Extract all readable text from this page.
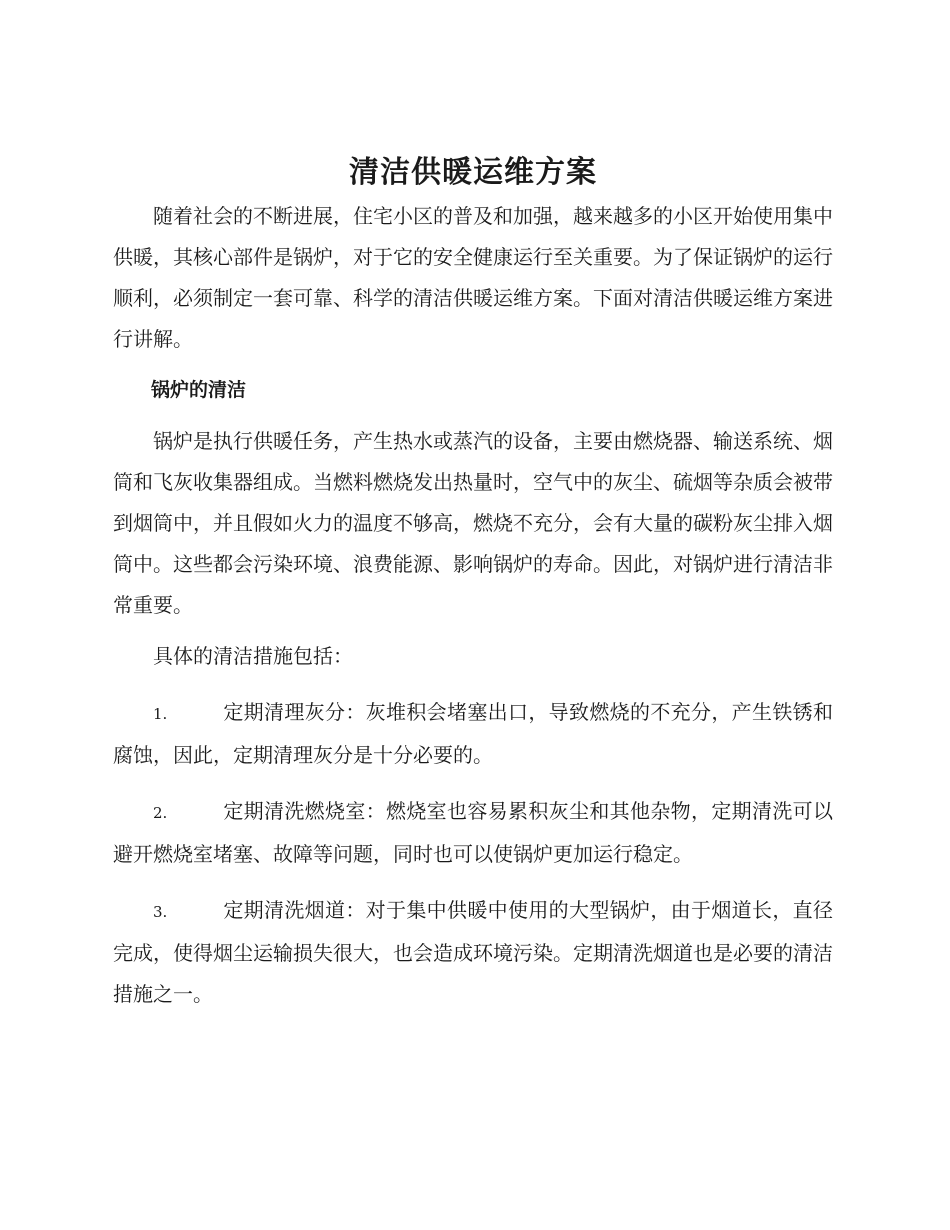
清洁供暖运维方案

随着社会的不断进展，住宅小区的普及和加强，越来越多的小区开始使用集中供暖，其核心部件是锅炉，对于它的安全健康运行至关重要。为了保证锅炉的运行顺利，必须制定一套可靠、科学的清洁供暖运维方案。下面对清洁供暖运维方案进行讲解。

锅炉的清洁

锅炉是执行供暖任务，产生热水或蒸汽的设备，主要由燃烧器、输送系统、烟筒和飞灰收集器组成。当燃料燃烧发出热量时，空气中的灰尘、硫烟等杂质会被带到烟筒中，并且假如火力的温度不够高，燃烧不充分，会有大量的碳粉灰尘排入烟筒中。这些都会污染环境、浪费能源、影响锅炉的寿命。因此，对锅炉进行清洁非常重要。

具体的清洁措施包括：

1.	定期清理灰分：灰堆积会堵塞出口，导致燃烧的不充分，产生铁锈和腐蚀，因此，定期清理灰分是十分必要的。
2.	定期清洗燃烧室：燃烧室也容易累积灰尘和其他杂物，定期清洗可以避开燃烧室堵塞、故障等问题，同时也可以使锅炉更加运行稳定。
3.	定期清洗烟道：对于集中供暖中使用的大型锅炉，由于烟道长，直径完成，使得烟尘运输损失很大，也会造成环境污染。定期清洗烟道也是必要的清洁措施之一。
